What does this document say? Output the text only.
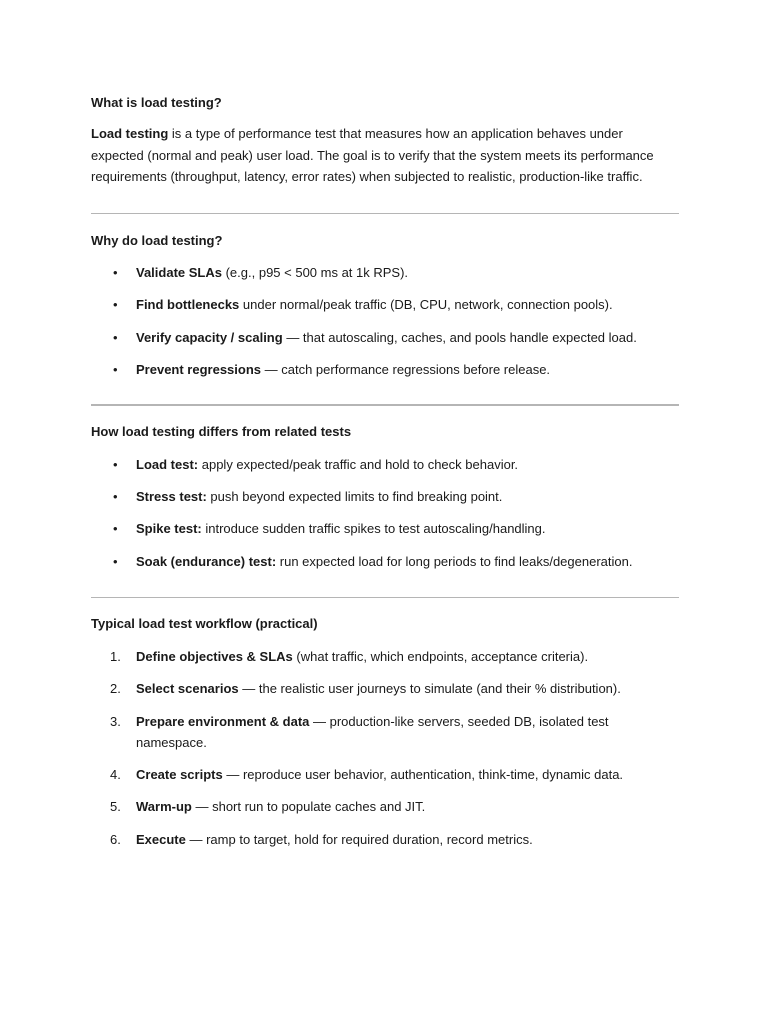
What is load testing?

Load testing is a type of performance test that measures how an application behaves under expected (normal and peak) user load. The goal is to verify that the system meets its performance requirements (throughput, latency, error rates) when subjected to realistic, production-like traffic.

Why do load testing?
• Validate SLAs (e.g., p95 < 500 ms at 1k RPS).
• Find bottlenecks under normal/peak traffic (DB, CPU, network, connection pools).
• Verify capacity / scaling — that autoscaling, caches, and pools handle expected load.
• Prevent regressions — catch performance regressions before release.
How load testing differs from related tests
• Load test: apply expected/peak traffic and hold to check behavior.
• Stress test: push beyond expected limits to find breaking point.
• Spike test: introduce sudden traffic spikes to test autoscaling/handling.
• Soak (endurance) test: run expected load for long periods to find leaks/degeneration.
Typical load test workflow (practical)
1. Define objectives & SLAs (what traffic, which endpoints, acceptance criteria).
2. Select scenarios — the realistic user journeys to simulate (and their % distribution).
3. Prepare environment & data — production-like servers, seeded DB, isolated test namespace.
4. Create scripts — reproduce user behavior, authentication, think-time, dynamic data.
5. Warm-up — short run to populate caches and JIT.
6. Execute — ramp to target, hold for required duration, record metrics.
